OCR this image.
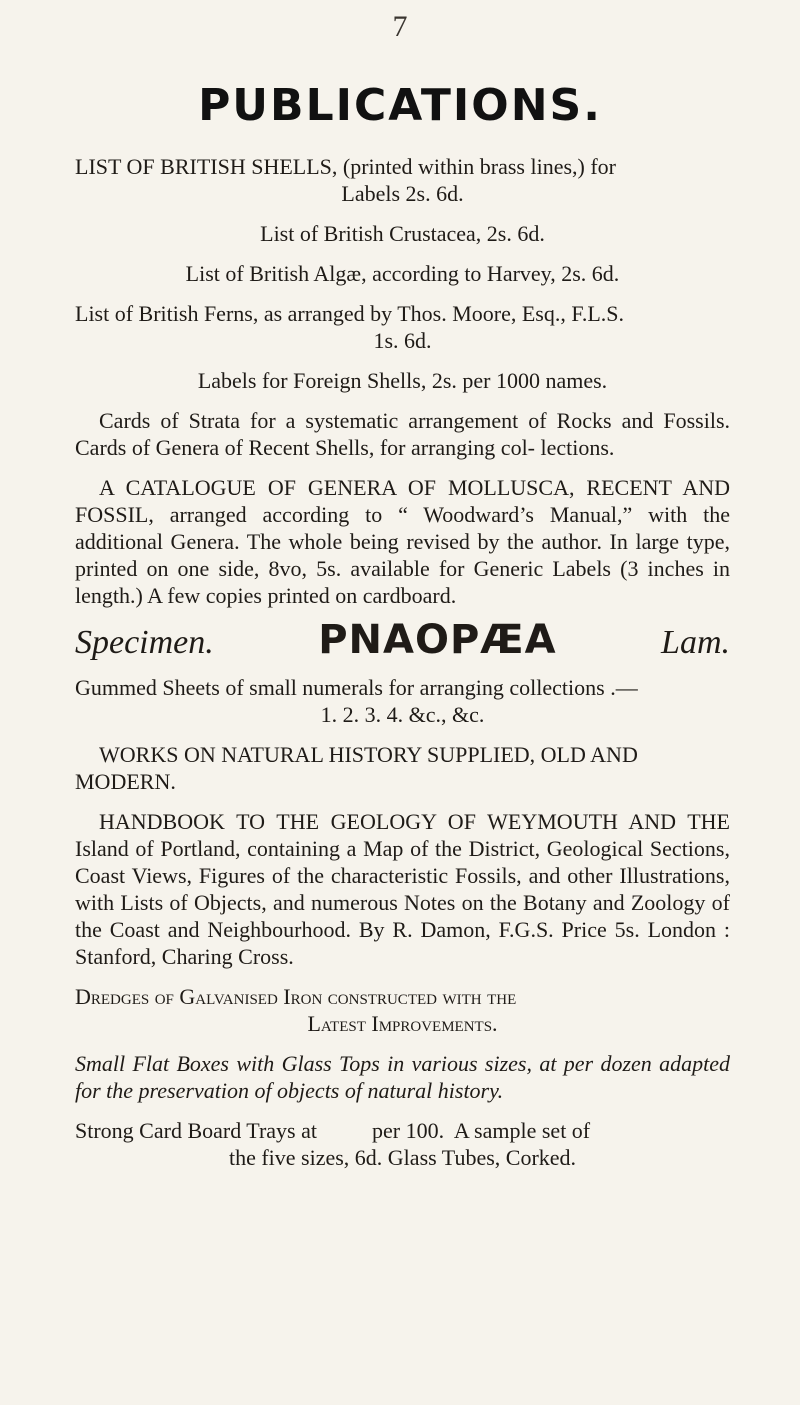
7
PUBLICATIONS.
LIST OF BRITISH SHELLS, (printed within brass lines,) for
Labels 2s. 6d.
List of British Crustacea, 2s. 6d.
List of British Algæ, according to Harvey, 2s. 6d.
List of British Ferns, as arranged by Thos. Moore, Esq., F.L.S.
1s. 6d.
Labels for Foreign Shells, 2s. per 1000 names.
Cards of Strata for a systematic arrangement of Rocks and Fossils. Cards of Genera of Recent Shells, for arranging col- lections.
A CATALOGUE OF GENERA OF MOLLUSCA, RECENT AND FOSSIL, arranged according to “ Woodward’s Manual,” with the additional Genera. The whole being revised by the author. In large type, printed on one side, 8vo, 5s. available for Generic Labels (3 inches in length.) A few copies printed on cardboard.
Specimen.	PNAOPÆA	Lam.
Gummed Sheets of small numerals for arranging collections .—
1. 2. 3. 4. &c., &c.
WORKS ON NATURAL HISTORY SUPPLIED, OLD AND MODERN.
HANDBOOK TO THE GEOLOGY OF WEYMOUTH AND THE Island of Portland, containing a Map of the District, Geological Sections, Coast Views, Figures of the characteristic Fossils, and other Illustrations, with Lists of Objects, and numerous Notes on the Botany and Zoology of the Coast and Neighbourhood. By R. Damon, F.G.S. Price 5s. London : Stanford, Charing Cross.
Dredges of Galvanised Iron constructed with the
Latest Improvements.
Small Flat Boxes with Glass Tops in various sizes, at per dozen adapted for the preservation of objects of natural history.
Strong Card Board Trays at          per 100.  A sample set of
the five sizes, 6d. Glass Tubes, Corked.
